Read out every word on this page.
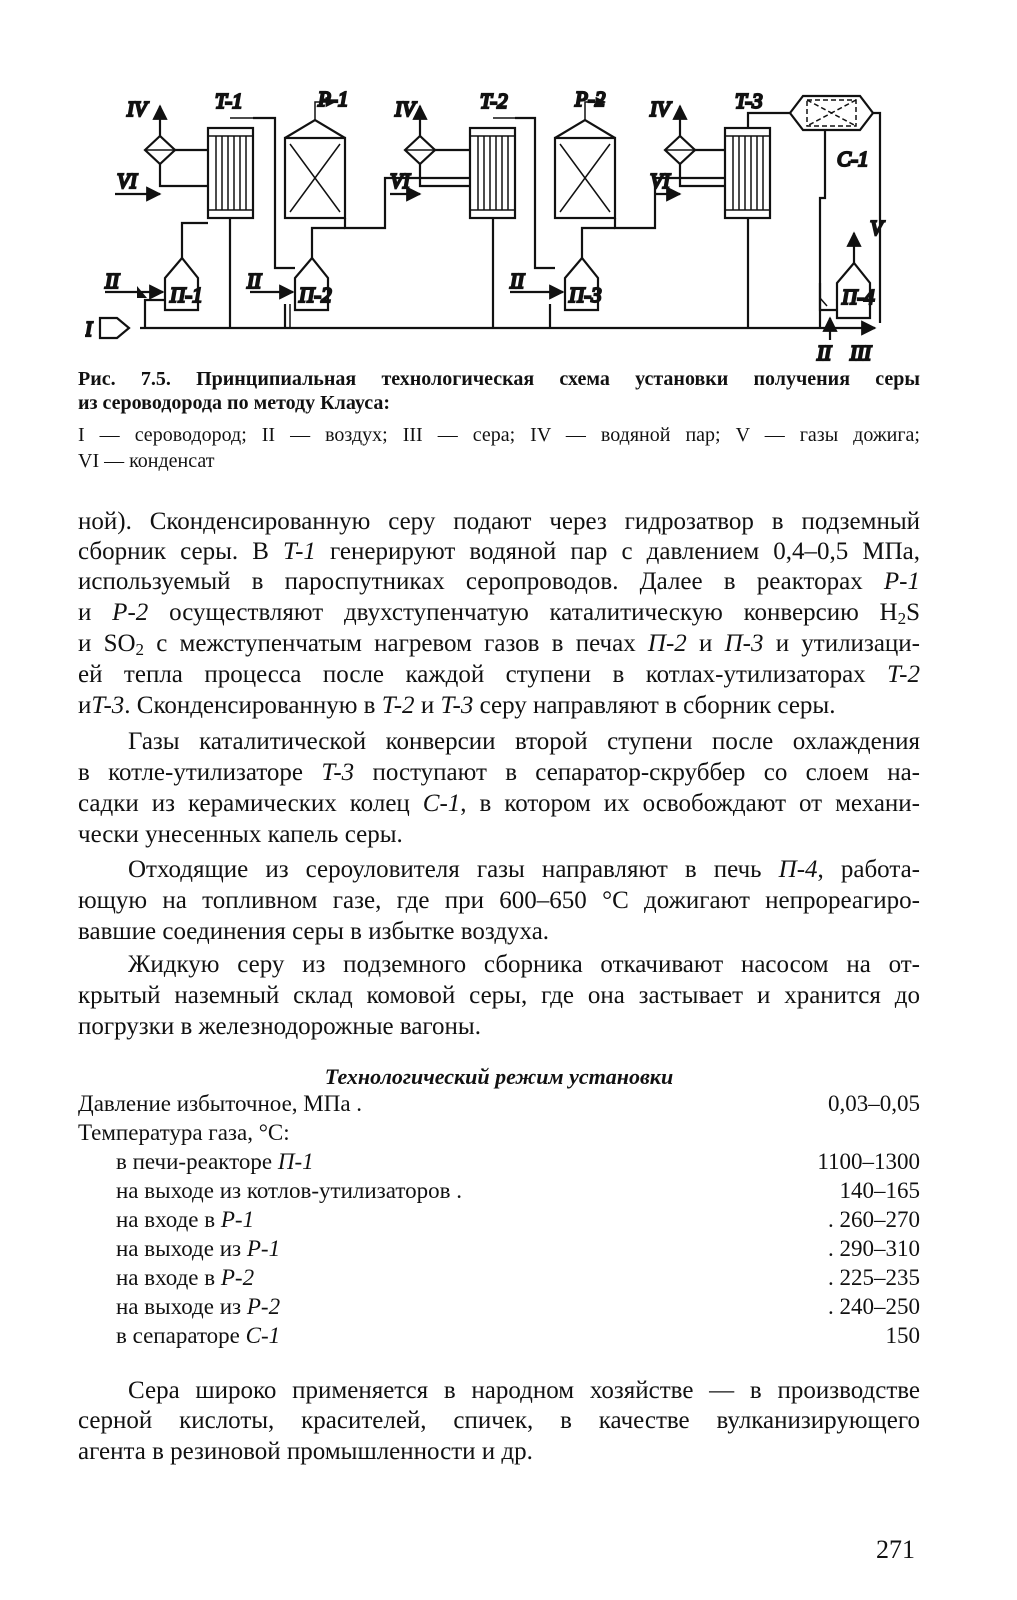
IV	T-1	P-1 IV	T-2	P-2 IV	T-3
C-1
VI	VI	VI
V
II	II	II
П-1	П-2	П-3	П-4
I
II III
Рис. 7.5. Принципиальная технологическая схема установки получения серы
из сероводорода по методу Клауса:
I — сероводород; II — воздух; III — сера; IV — водяной пар; V — газы дожига;
VI — конденсат
ной). Сконденсированную серу подают через гидрозатвор в подземный
сборник серы. В T-1 генерируют водяной пар с давлением 0,4–0,5 МПа,
используемый в пароспутниках серопроводов. Далее в реакторах P-1
и P-2 осуществляют двухступенчатую каталитическую конверсию $H_2S$
и $SO_2$ с межступенчатым нагревом газов в печах П-2 и П-3 и утилизаци-
ей тепла процесса после каждой ступени в котлах-утилизаторах T-2
иT-3. Сконденсированную в T-2 и T-3 серу направляют в сборник серы.
Газы каталитической конверсии второй ступени после охлаждения
в котле-утилизаторе T-3 поступают в сепаратор-скруббер со слоем на-
садки из керамических колец C-1, в котором их освобождают от механи-
чески унесенных капель серы.
Отходящие из сероуловителя газы направляют в печь П-4, работа-
ющую на топливном газе, где при 600–650 °C дожигают непрореагиро-
вавшие соединения серы в избытке воздуха.
Жидкую серу из подземного сборника откачивают насосом на от-
крытый наземный склад комовой серы, где она застывает и хранится до
погрузки в железнодорожные вагоны.
Сера широко применяется в народном хозяйстве — в производстве
серной кислоты, красителей, спичек, в качестве вулканизирующего
агента в резиновой промышленности и др.
Технологический режим установки
Давление избыточное, МПа .	0,03–0,05
Температура газа, °C:
в печи-реакторе П-1	1100–1300
на выходе из котлов-утилизаторов .	140–165
на входе в P-1	. 260–270
на выходе из P-1	. 290–310
на входе в P-2	. 225–235
на выходе из P-2	. 240–250
в сепараторе C-1	150
271
